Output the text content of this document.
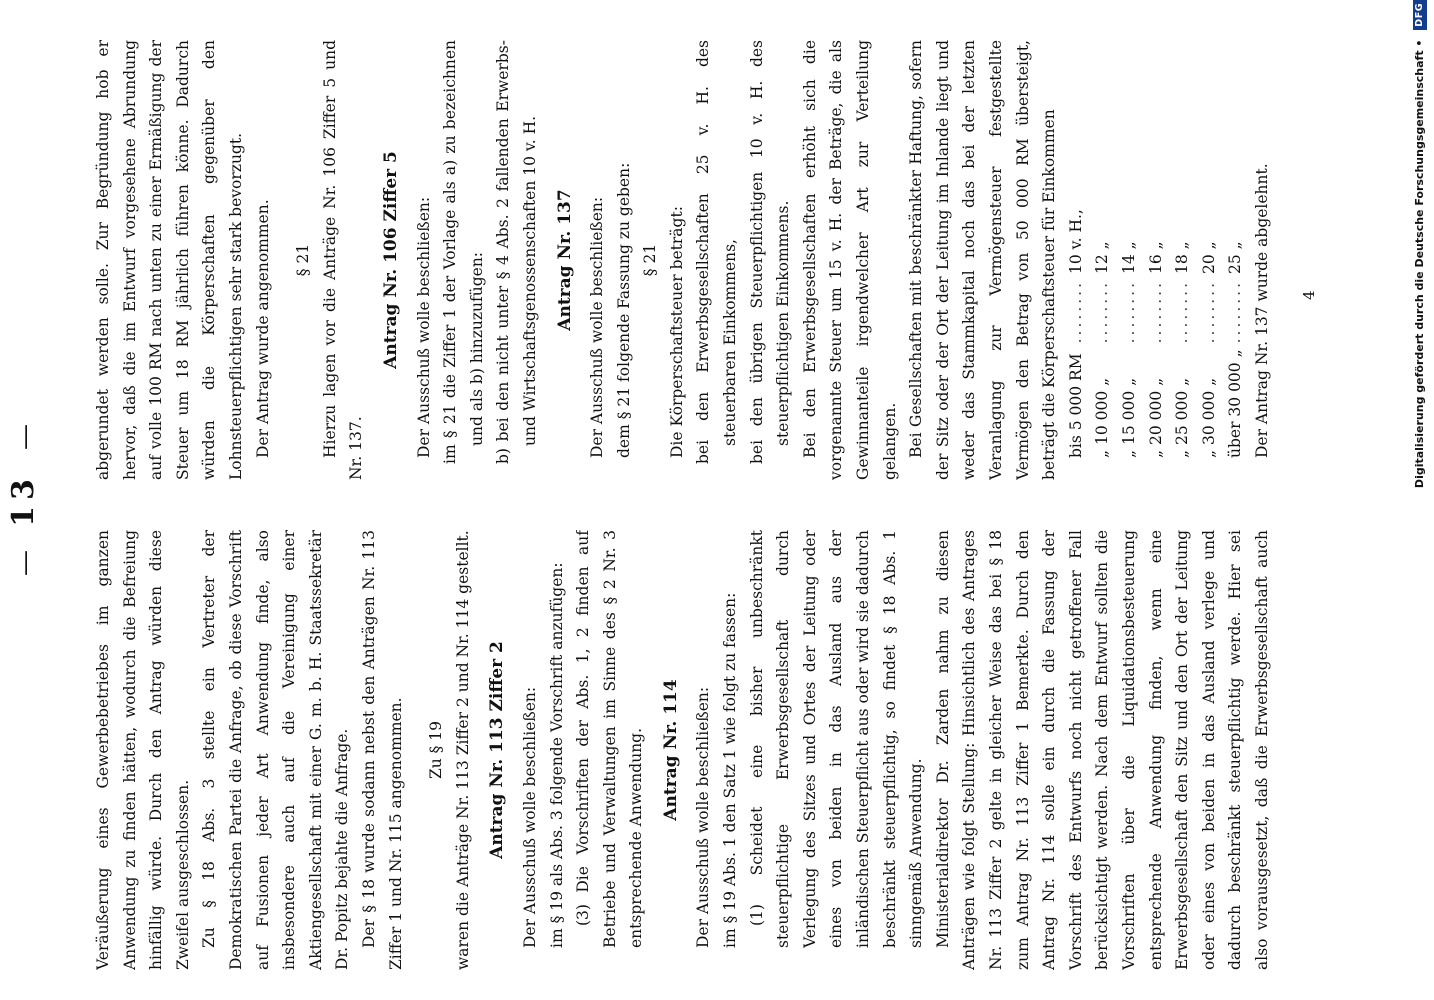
— 13 —

Veräußerung eines Gewerbebetriebes im ganzen Anwendung zu finden hätten, wodurch die Befreiung hinfällig würde. Durch den Antrag würden diese Zweifel ausgeschlossen. Zu § 18 Abs. 3 stellte ein Vertreter der Demokratischen Partei die Anfrage, ob diese Vorschrift auf Fusionen jeder Art Anwendung finde, also insbesondere auch auf die Vereinigung einer Aktiengesellschaft mit einer G. m. b. H. Staatssekretär Dr. Popitz bejahte die Anfrage. Der § 18 wurde sodann nebst den Anträgen Nr. 113 Ziffer 1 und Nr. 115 angenommen. Zu § 19 waren die Anträge Nr. 113 Ziffer 2 und Nr. 114 gestellt. Antrag Nr. 113 Ziffer 2 Der Ausschuß wolle beschließen: im § 19 als Abs. 3 folgende Vorschrift anzufügen: (3) Die Vorschriften der Abs. 1, 2 finden auf Betriebe und Verwaltungen im Sinne des § 2 Nr. 3 entsprechende Anwendung. Antrag Nr. 114 Der Ausschuß wolle beschließen: im § 19 Abs. 1 den Satz 1 wie folgt zu fassen: (1) Scheidet eine bisher unbeschränkt steuerpflichtige Erwerbsgesellschaft durch Verlegung des Sitzes und Ortes der Leitung oder eines von beiden in das Ausland aus der inländischen Steuerpflicht aus oder wird sie dadurch beschränkt steuerpflichtig, so findet § 18 Abs. 1 sinngemäß Anwendung. Ministerialdirektor Dr. Zarden nahm zu diesen Anträgen wie folgt Stellung: Hinsichtlich des Antrages Nr. 113 Ziffer 2 gelte in gleicher Weise das bei § 18 zum Antrag Nr. 113 Ziffer 1 Bemerkte. Durch den Antrag Nr. 114 solle ein durch die Fassung der Vorschrift des Entwurfs noch nicht getroffener Fall berücksichtigt werden. Nach dem Entwurf sollten die Vorschriften über die Liquidationsbesteuerung entsprechende Anwendung finden, wenn eine Erwerbsgesellschaft den Sitz und den Ort der Leitung oder eines von beiden in das Ausland verlege und dadurch beschränkt steuerpflichtig werde. Hier sei also vorausgesetzt, daß die Erwerbsgesellschaft auch

abgerundet werden solle. Zur Begründung hob er hervor, daß die im Entwurf vorgesehene Abrundung auf volle 100 RM nach unten zu einer Ermäßigung der Steuer um 18 RM jährlich führen könne. Dadurch würden die Körperschaften gegenüber den Lohnsteuerpflichtigen sehr stark bevorzugt. Der Antrag wurde angenommen. § 21 Hierzu lagen vor die Anträge Nr. 106 Ziffer 5 und Nr. 137.

Antrag Nr. 106 Ziffer 5 Der Ausschuß wolle beschließen: im § 21 die Ziffer 1 der Vorlage als a) zu bezeichnen und als b) hinzuzufügen: b) bei den nicht unter § 4 Abs. 2 fallenden Erwerbs- und Wirtschaftsgenossenschaften 10 v. H. Antrag Nr. 137 Der Ausschuß wolle beschließen: dem § 21 folgende Fassung zu geben: § 21 Die Körperschaftsteuer beträgt: bei den Erwerbsgesellschaften 25 v. H. des steuerbaren Einkommens, bei den übrigen Steuerpflichtigen 10 v. H. des steuerpflichtigen Einkommens. Bei den Erwerbsgesellschaften erhöht sich die vorgenannte Steuer um 15 v. H. der Beträge, die als Gewinnanteile irgendwelcher Art zur Verteilung gelangen. Bei Gesellschaften mit beschränkter Haftung, sofern der Sitz oder der Ort der Leitung im Inlande liegt und weder das Stammkapital noch das bei der letzten Veranlagung zur Vermögensteuer festgestellte Vermögen den Betrag von 50 000 RM übersteigt, beträgt die Körperschaftsteuer für Einkommen bis 5 000 RM	........	10 v. H.,
„ 10 000 „	........	12 „
„ 15 000 „	........	14 „
„ 20 000 „	........	16 „
„ 25 000 „	........	18 „
„ 30 000 „	........	20 „
über 30 000 „	........	25 „ Der Antrag Nr. 137 wurde abgelehnt.	4	Digitalisierung gefördert durch die Deutsche Forschungsgemeinschaft • DFG
